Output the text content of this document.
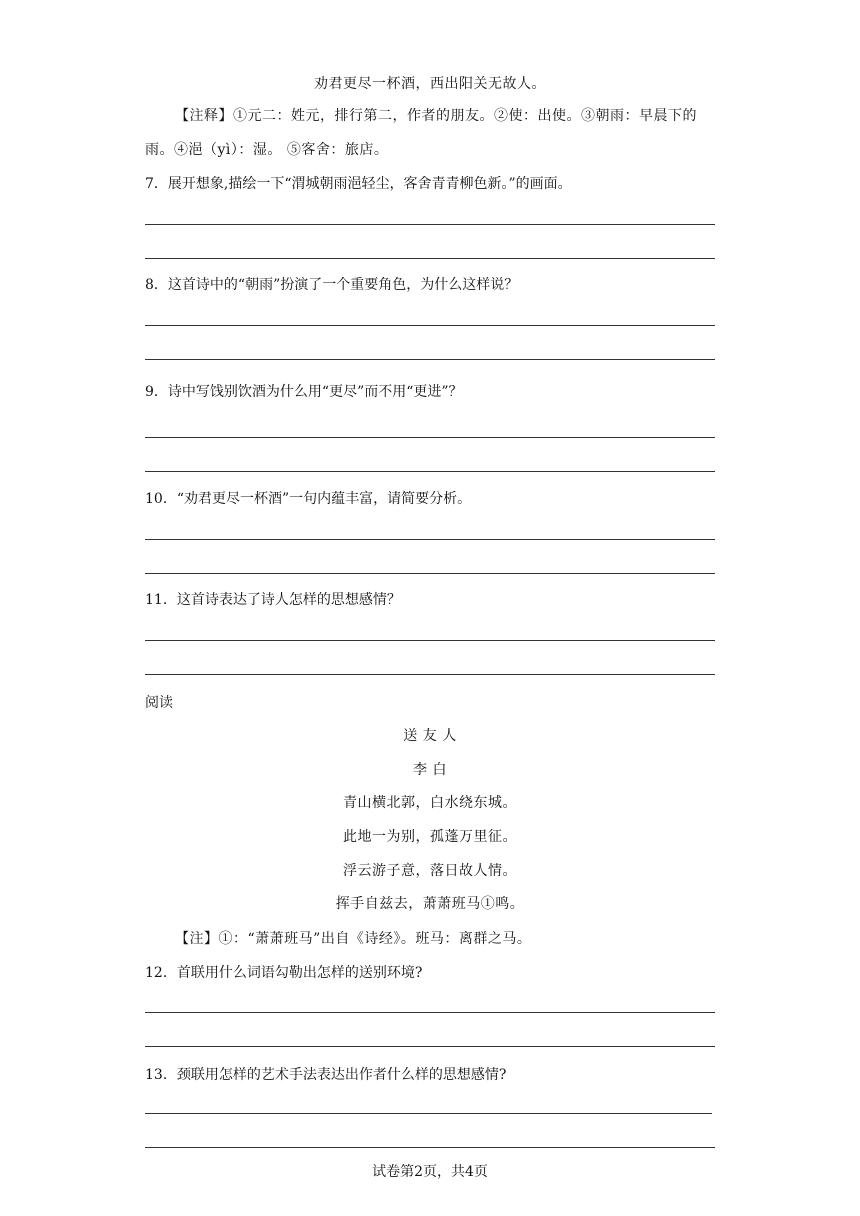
劝君更尽一杯酒，西出阳关无故人。
【注释】①元二：姓元，排行第二，作者的朋友。②使：出使。③朝雨：早晨下的
雨。④浥（yì）：湿。 ⑤客舍：旅店。
7．展开想象,描绘一下“渭城朝雨浥轻尘，客舍青青柳色新。”的画面。
8．这首诗中的“朝雨”扮演了一个重要角色，为什么这样说？
9．诗中写饯别饮酒为什么用“更尽”而不用“更进”？
10．“劝君更尽一杯酒”一句内蕴丰富，请简要分析。
11．这首诗表达了诗人怎样的思想感情？
阅读
送 友 人
李 白
青山横北郭，白水绕东城。
此地一为别，孤蓬万里征。
浮云游子意，落日故人情。
挥手自兹去，萧萧班马①鸣。
【注】①：“萧萧班马”出自《诗经》。班马：离群之马。
12．首联用什么词语勾勒出怎样的送别环境?
13．颈联用怎样的艺术手法表达出作者什么样的思想感情?
试卷第2页，共4页
